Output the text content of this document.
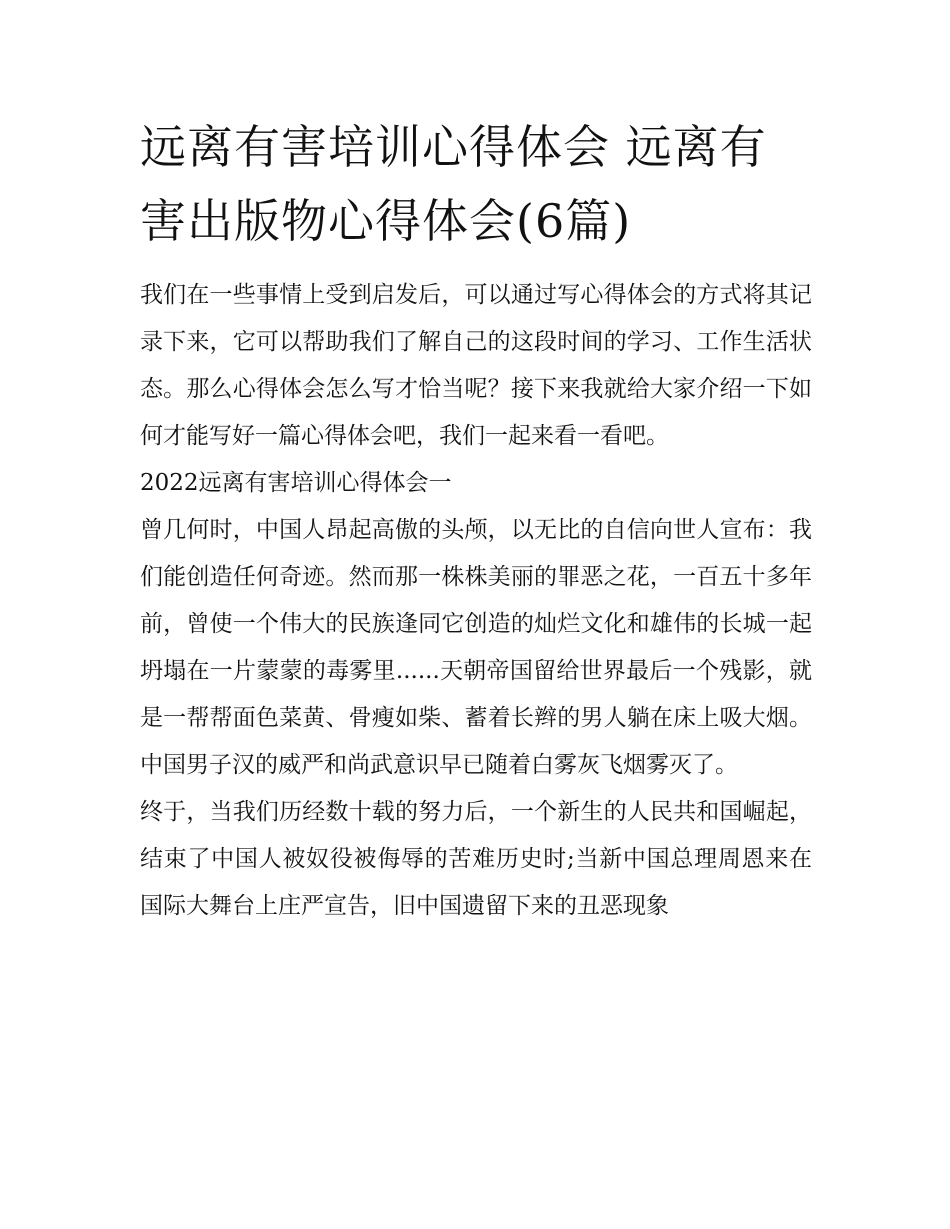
远离有害培训心得体会 远离有害出版物心得体会(6篇)

我们在一些事情上受到启发后，可以通过写心得体会的方式将其记录下来，它可以帮助我们了解自己的这段时间的学习、工作生活状态。那么心得体会怎么写才恰当呢？接下来我就给大家介绍一下如何才能写好一篇心得体会吧，我们一起来看一看吧。

2022远离有害培训心得体会一

曾几何时，中国人昂起高傲的头颅，以无比的自信向世人宣布：我们能创造任何奇迹。然而那一株株美丽的罪恶之花，一百五十多年前，曾使一个伟大的民族逢同它创造的灿烂文化和雄伟的长城一起坍塌在一片蒙蒙的毒雾里......天朝帝国留给世界最后一个残影，就是一帮帮面色菜黄、骨瘦如柴、蓄着长辫的男人躺在床上吸大烟。中国男子汉的威严和尚武意识早已随着白雾灰飞烟雾灭了。

终于，当我们历经数十载的努力后，一个新生的人民共和国崛起，结束了中国人被奴役被侮辱的苦难历史时;当新中国总理周恩来在国际大舞台上庄严宣告，旧中国遗留下来的丑恶现象
